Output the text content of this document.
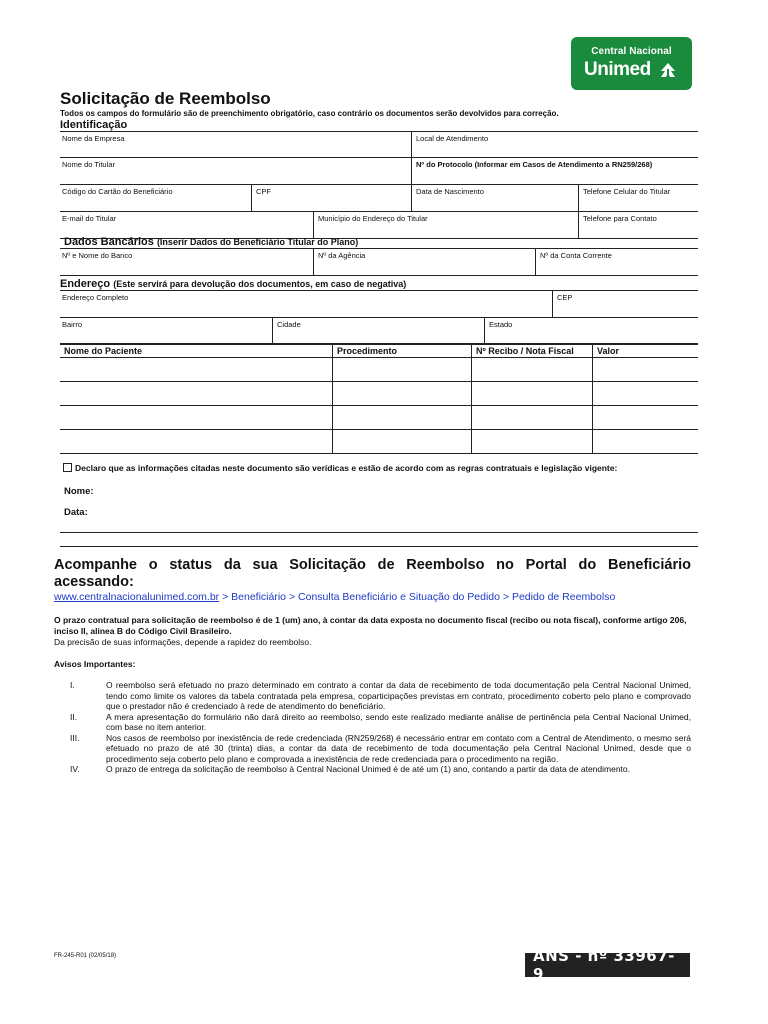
Central Nacional
Unimed
Solicitação de Reembolso
Todos os campos do formulário são de preenchimento obrigatório, caso contrário os documentos serão devolvidos para correção.
Identificação
Nome da Empresa	Local de Atendimento
Nome do Titular	Nº do Protocolo (Informar em Casos de Atendimento a RN259/268)
Código do Cartão do Beneficiário	CPF	Data de Nascimento	Telefone Celular do Titular
E-mail do Titular	Município do Endereço do Titular	Telefone para Contato
Dados Bancários (Inserir Dados do Beneficiário Titular do Plano)
Nº e Nome do Banco	Nº da Agência	Nº da Conta Corrente
Endereço (Este servirá para devolução dos documentos, em caso de negativa)
Endereço Completo	CEP
Bairro	Cidade	Estado
Nome do Paciente	Procedimento	Nº Recibo / Nota Fiscal	Valor

Declaro que as informações citadas neste documento são verídicas e estão de acordo com as regras contratuais e legislação vigente:
Nome:
Data:
Acompanhe o status da sua Solicitação de Reembolso no Portal do Beneficiário
acessando:
www.centralnacionalunimed.com.br > Beneficiário > Consulta Beneficiário e Situação do Pedido > Pedido de Reembolso
O prazo contratual para solicitação de reembolso é de 1 (um) ano, à contar da data exposta no documento fiscal (recibo ou nota fiscal), conforme artigo 206, inciso II, alinea B do Código Civil Brasileiro.
Da precisão de suas informações, depende a rapidez do reembolso.
Avisos Importantes:
I.	O reembolso será efetuado no prazo determinado em contrato a contar da data de recebimento de toda documentação pela Central Nacional Unimed, tendo como limite os valores da tabela contratada pela empresa, coparticipações previstas em contrato, procedimento coberto pelo plano e comprovado que o prestador não é credenciado à rede de atendimento do beneficiário.
II.	A mera apresentação do formulário não dará direito ao reembolso, sendo este realizado mediante análise de pertinência pela Central Nacional Unimed, com base no item anterior.
III.	Nos casos de reembolso por inexistência de rede credenciada (RN259/268) é necessário entrar em contato com a Central de Atendimento, o mesmo será efetuado no prazo de até 30 (trinta) dias, a contar da data de recebimento de toda documentação pela Central Nacional Unimed, desde que o procedimento seja coberto pelo plano e comprovada a inexistência de rede credenciada para o procedimento na região.
IV.	O prazo de entrega da solicitação de reembolso à Central Nacional Unimed é de até um (1) ano, contando a partir da data de atendimento.
FR-245-R01 (02/05/18)	ANS - nº 33967-9
